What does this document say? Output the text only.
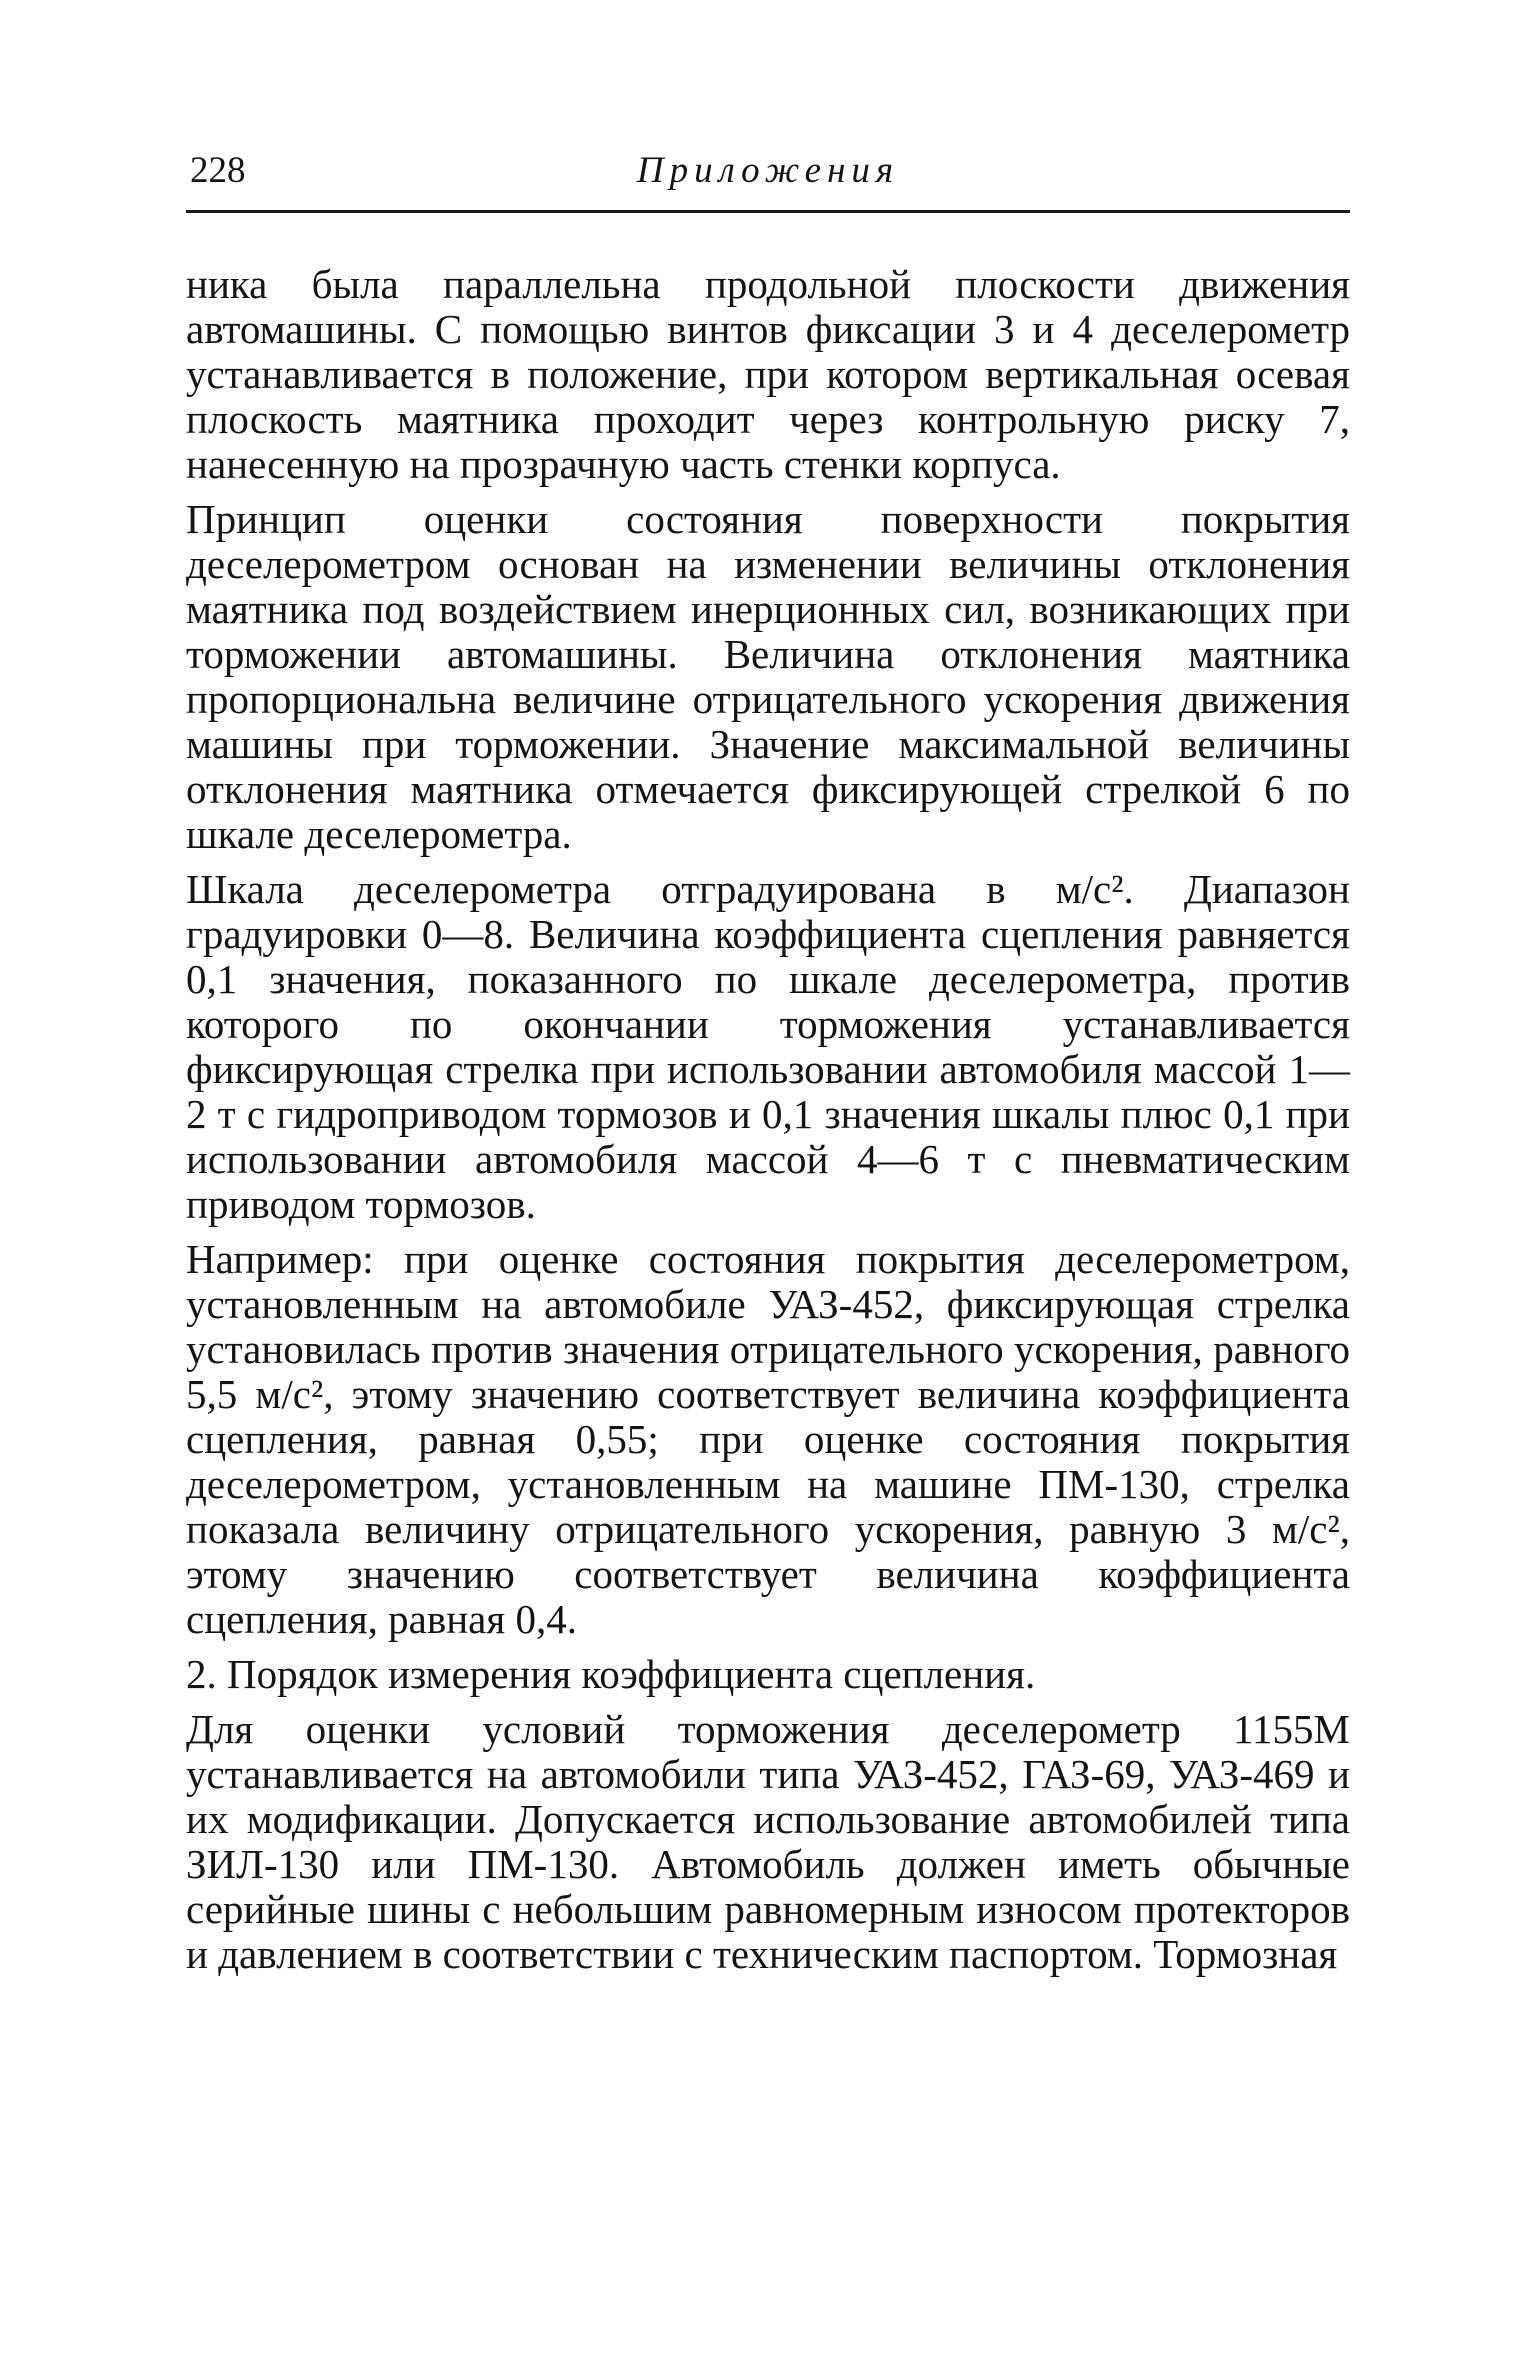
228	Приложения

ника была параллельна продольной плоскости движения автомашины. С помощью винтов фиксации 3 и 4 деселерометр устанавливается в положение, при котором вертикальная осевая плоскость маятника проходит через контрольную риску 7, нанесенную на прозрачную часть стенки корпуса.

Принцип оценки состояния поверхности покрытия деселерометром основан на изменении величины отклонения маятника под воздействием инерционных сил, возникающих при торможении автомашины. Величина отклонения маятника пропорциональна величине отрицательного ускорения движения машины при торможении. Значение максимальной величины отклонения маятника отмечается фиксирующей стрелкой 6 по шкале деселерометра.

Шкала деселерометра отградуирована в м/с². Диапазон градуировки 0—8. Величина коэффициента сцепления равняется 0,1 значения, показанного по шкале деселерометра, против которого по окончании торможения устанавливается фиксирующая стрелка при использовании автомобиля массой 1—2 т с гидроприводом тормозов и 0,1 значения шкалы плюс 0,1 при использовании автомобиля массой 4—6 т с пневматическим приводом тормозов.

Например: при оценке состояния покрытия деселерометром, установленным на автомобиле УАЗ-452, фиксирующая стрелка установилась против значения отрицательного ускорения, равного 5,5 м/с², этому значению соответствует величина коэффициента сцепления, равная 0,55; при оценке состояния покрытия деселерометром, установленным на машине ПМ-130, стрелка показала величину отрицательного ускорения, равную 3 м/с², этому значению соответствует величина коэффициента сцепления, равная 0,4.

2. Порядок измерения коэффициента сцепления.

Для оценки условий торможения деселерометр 1155М устанавливается на автомобили типа УАЗ-452, ГАЗ-69, УАЗ-469 и их модификации. Допускается использование автомобилей типа ЗИЛ-130 или ПМ-130. Автомобиль должен иметь обычные серийные шины с небольшим равномерным износом протекторов и давлением в соответствии с техническим паспортом. Тормозная
